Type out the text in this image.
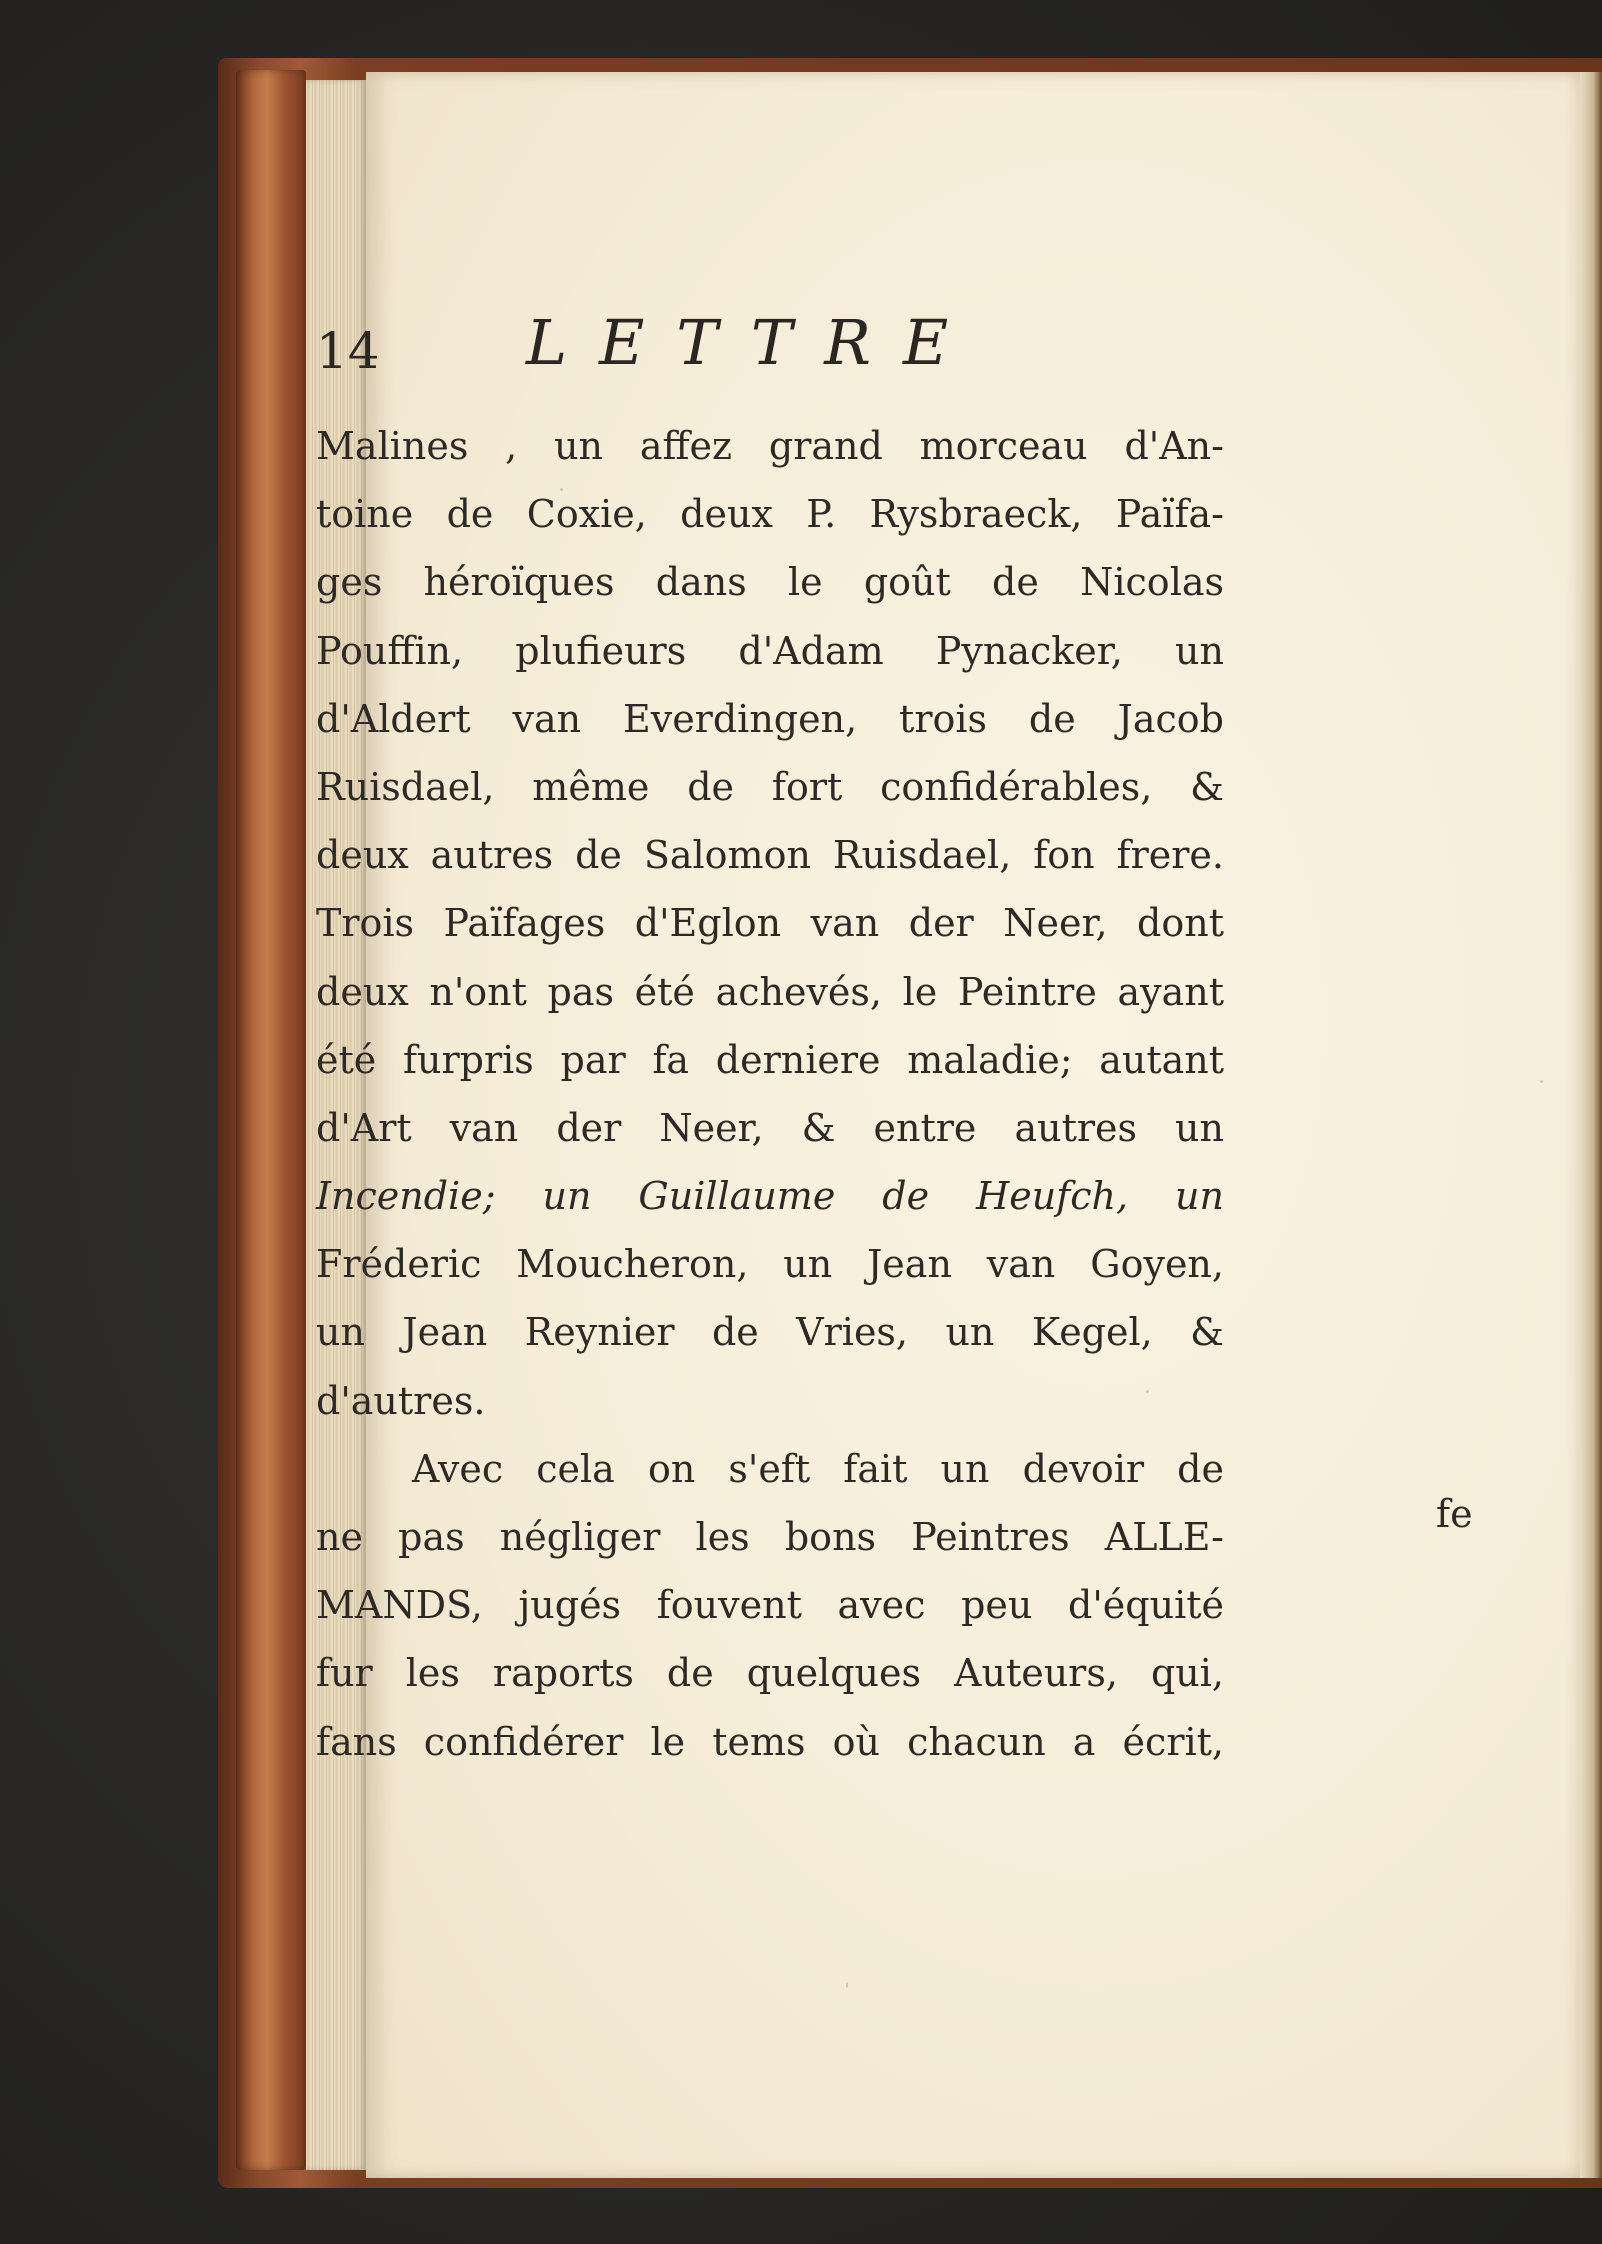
14 LETTRE
Malines , un affez grand morceau d'An-
toine de Coxie, deux P. Rysbraeck, Païfa-
ges héroïques dans le goût de Nicolas
Pouffin, plufieurs d'Adam Pynacker, un
d'Aldert van Everdingen, trois de Jacob
Ruisdael, même de fort confidérables, &
deux autres de Salomon Ruisdael, fon frere.
Trois Païfages d'Eglon van der Neer, dont
deux n'ont pas été achevés, le Peintre ayant
été furpris par fa derniere maladie; autant
d'Art van der Neer, & entre autres un
Incendie; un Guillaume de Heufch, un
Fréderic Moucheron, un Jean van Goyen,
un Jean Reynier de Vries, un Kegel, &
d'autres.
Avec cela on s'eft fait un devoir de
ne pas négliger les bons Peintres ALLE-
MANDS, jugés fouvent avec peu d'équité
fur les raports de quelques Auteurs, qui,
fans confidérer le tems où chacun a écrit,
fe
